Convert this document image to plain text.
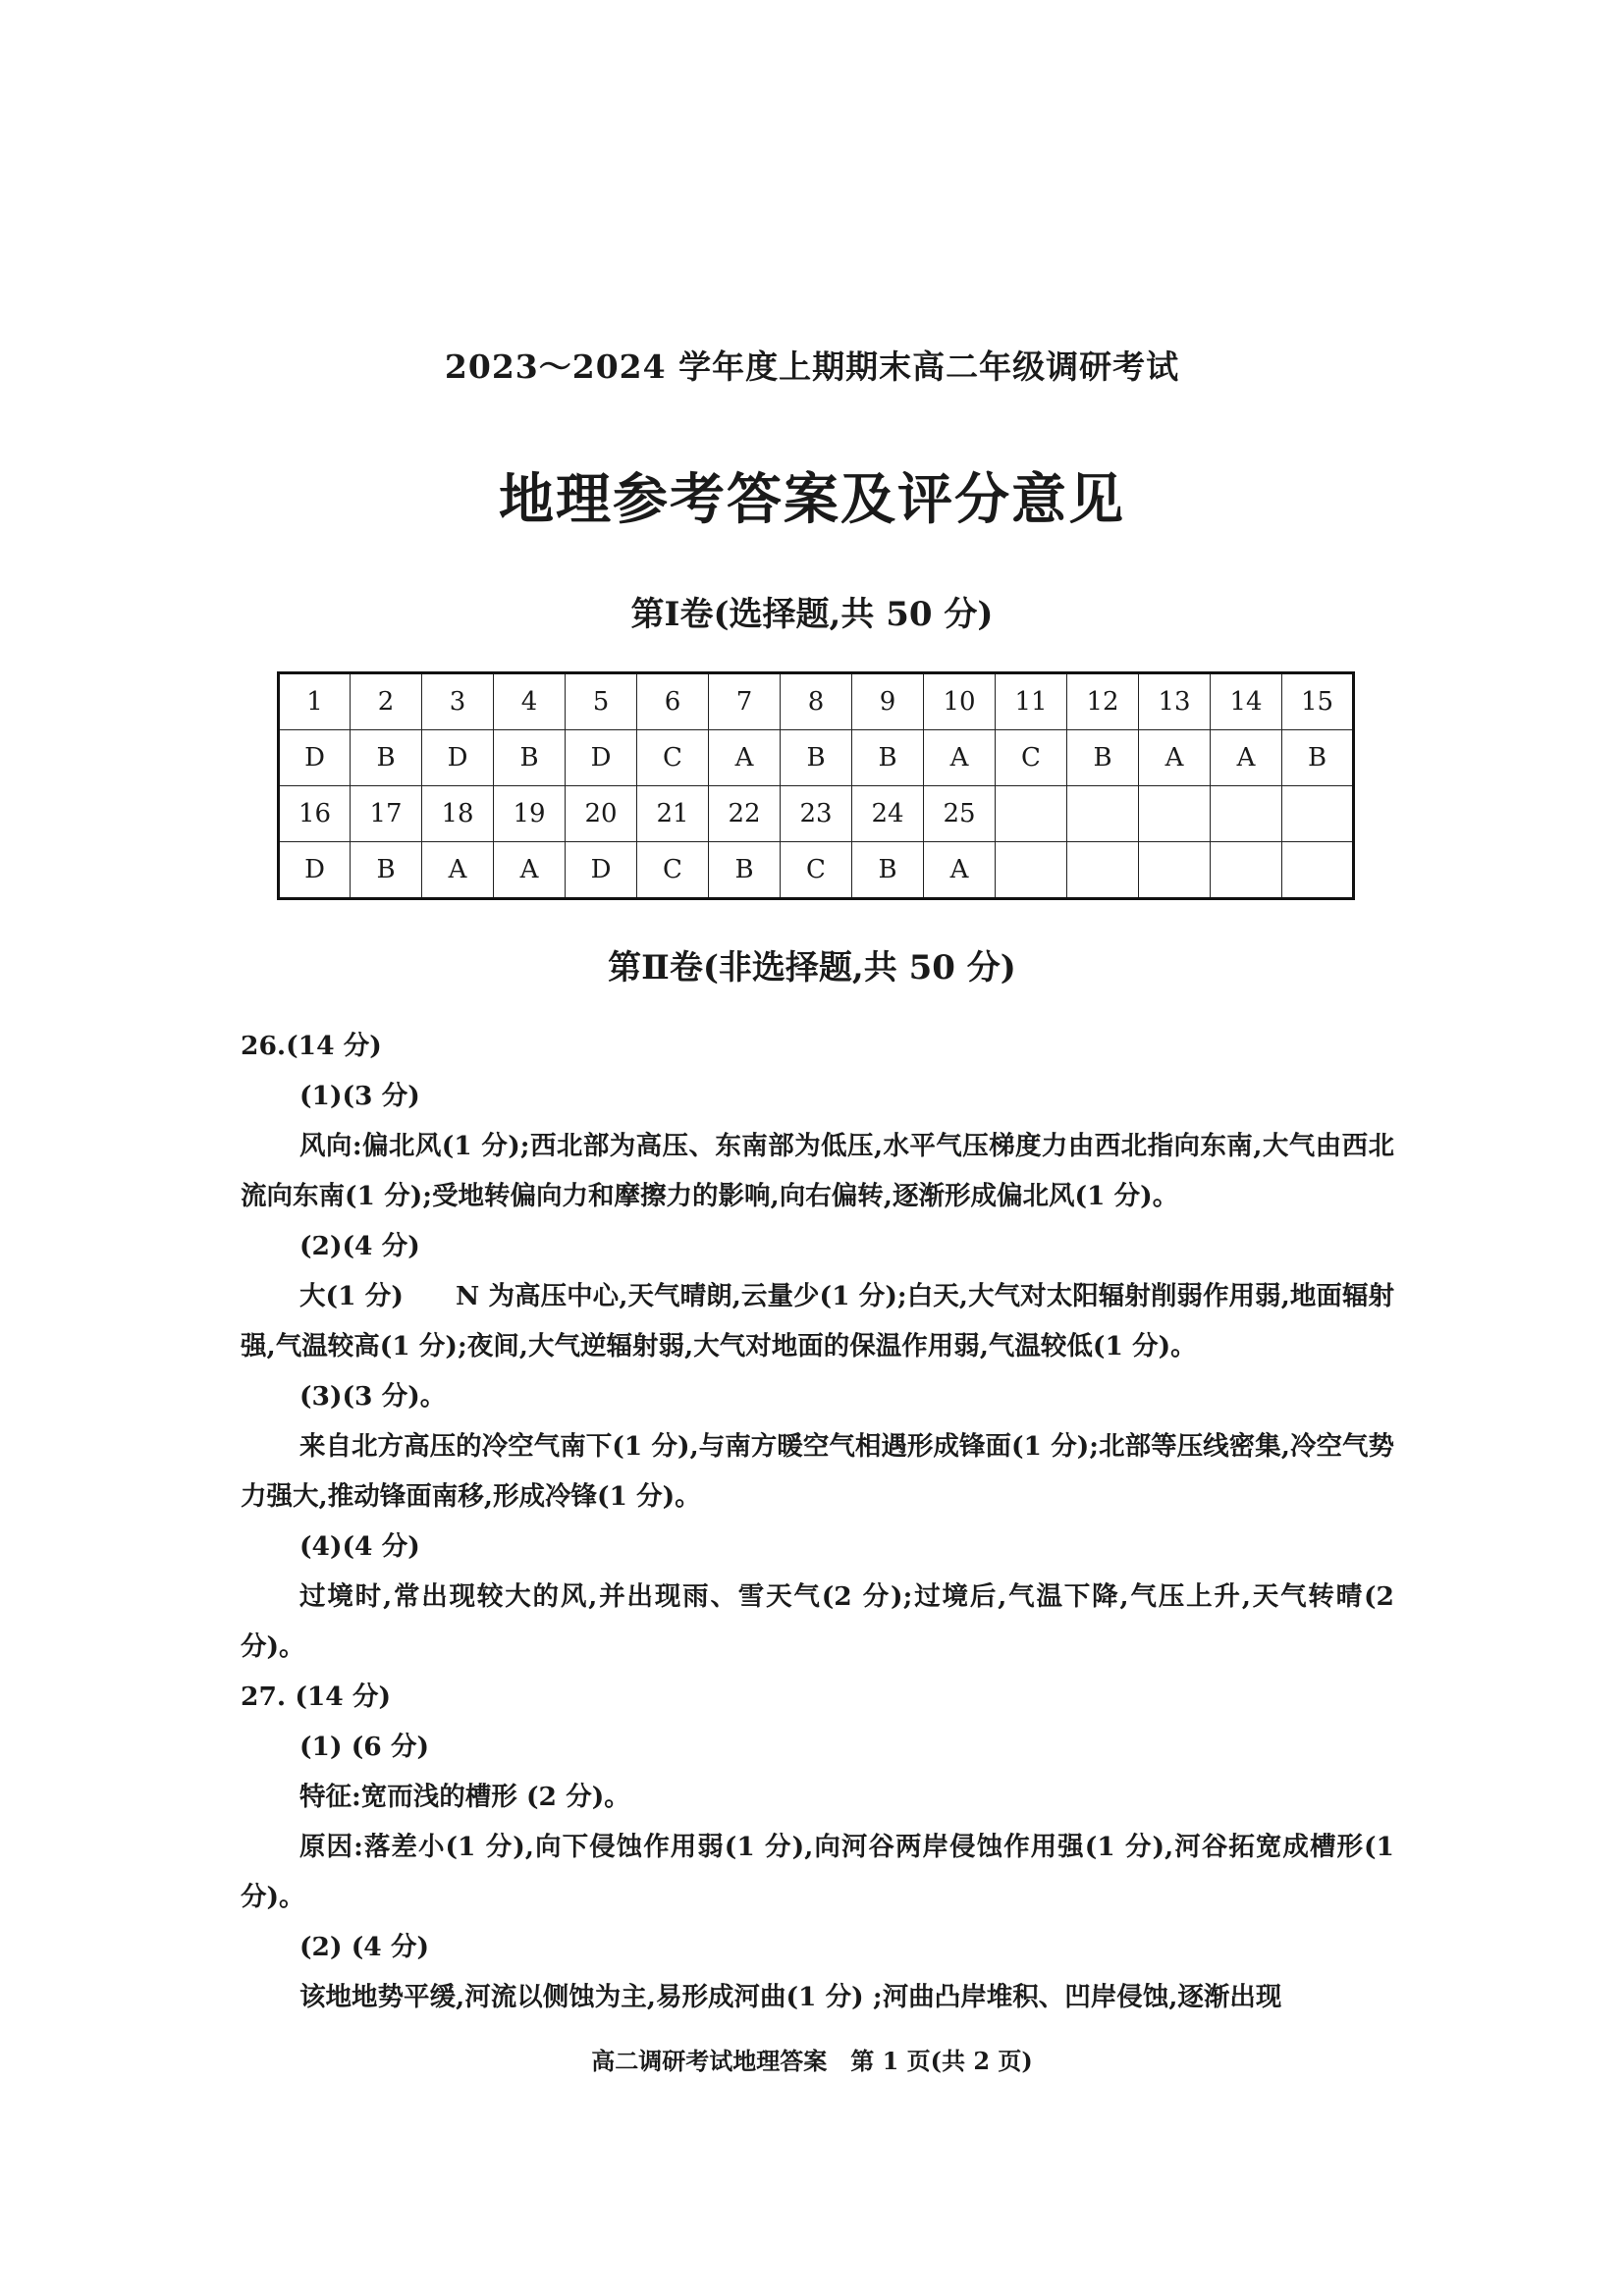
2023～2024 学年度上期期末高二年级调研考试
地理参考答案及评分意见
第Ⅰ卷(选择题,共 50 分)
1	2	3	4	5	6	7	8	9	10	11	12	13	14	15
D	B	D	B	D	C	A	B	B	A	C	B	A	A	B
16	17	18	19	20	21	22	23	24	25					
D	B	A	A	D	C	B	C	B	A					
第Ⅱ卷(非选择题,共 50 分)
26.(14 分)
(1)(3 分)
风向:偏北风(1 分);西北部为高压、东南部为低压,水平气压梯度力由西北指向东南,大气由西北流向东南(1 分);受地转偏向力和摩擦力的影响,向右偏转,逐渐形成偏北风(1 分)。
(2)(4 分)
大(1 分)　　N 为高压中心,天气晴朗,云量少(1 分);白天,大气对太阳辐射削弱作用弱,地面辐射强,气温较高(1 分);夜间,大气逆辐射弱,大气对地面的保温作用弱,气温较低(1 分)。
(3)(3 分)。
来自北方高压的冷空气南下(1 分),与南方暖空气相遇形成锋面(1 分);北部等压线密集,冷空气势力强大,推动锋面南移,形成冷锋(1 分)。
(4)(4 分)
过境时,常出现较大的风,并出现雨、雪天气(2 分);过境后,气温下降,气压上升,天气转晴(2 分)。
27. (14 分)
(1) (6 分)
特征:宽而浅的槽形 (2 分)。
原因:落差小(1 分),向下侵蚀作用弱(1 分),向河谷两岸侵蚀作用强(1 分),河谷拓宽成槽形(1 分)。
(2) (4 分)
该地地势平缓,河流以侧蚀为主,易形成河曲(1 分) ;河曲凸岸堆积、凹岸侵蚀,逐渐出现
高二调研考试地理答案　第 1 页(共 2 页)
